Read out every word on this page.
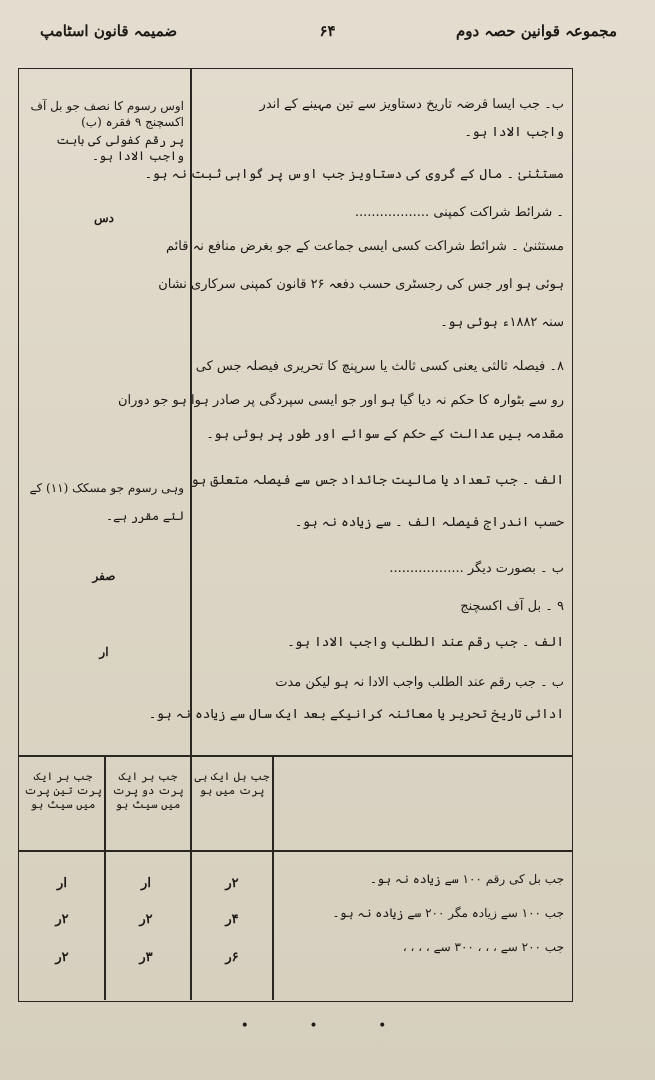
مجموعہ قوانین حصہ دوم
۶۴
ضمیمہ قانون اسٹامپ
ب۔ جب ایسا قرضہ تاریخ دستاویز سے تین مہینے کے اندر
واجب الادا ہو۔
مستثنیٰ ۔ مال کے گروی کی دستاویز جب اوس پر گواہی ثبت نہ ہو۔
۔ شرائط شراکت کمپنی ..................
مستثنیٰ ۔ شرائط شراکت کسی ایسی جماعت کے جو بغرض منافع نہ قائم
ہوئی ہو اور جس کی رجسٹری حسب دفعہ ۲۶ قانون کمپنی سرکاری نشان
سنہ ۱۸۸۲ء ہوئی ہو۔
۸۔ فیصلہ ثالثی یعنی کسی ثالث یا سرپنچ کا تحریری فیصلہ جس کی
رو سے بٹوارہ کا حکم نہ دیا گیا ہو اور جو ایسی سپردگی پر صادر ہوا ہو جو دوران
مقدمہ بیں عدالت کے حکم کے سوائے اور طور پر ہوئی ہو۔
الف ۔ جب تعداد یا مالیت جائداد جس سے فیصلہ متعلق ہو
حسب اندراج فیصلہ الف ۔ سے زیادہ نہ ہو۔
ب ۔ بصورت دیگر ..................
۹ ۔ بل آف اکسچنج
الف ۔ جب رقم عند الطلب واجب الادا ہو۔
ب ۔ جب رقم عند الطلب واجب الادا نہ ہو لیکن مدت
ادائی تاریخ تحریر یا معائنہ کرانیکے بعد ایک سال سے زیادہ نہ ہو۔
اوس رسوم کا نصف جو بل آف اکسچنج ۹ فقرہ (ب)
پر رقم کفولی کی بابت واجب الادا ہو۔
دس
وہی رسوم جو مسکک (۱۱) کے
لئے مقرر ہے۔
صفر
ار
جب بل ایک ہی پرت میں ہو
جب ہر ایک پرت دو پرت میں سیٹ ہو
جب ہر ایک پرت تین پرت میں سیٹ ہو
جب بل کی رقم ۱۰۰ سے زیادہ نہ ہو۔
جب ۱۰۰ سے زیادہ مگر ۲۰۰ سے زیادہ نہ ہو۔
جب ۲۰۰ سے ، ، ، ۳۰۰ سے ، ، ، ،
۲ر
ار
ار
۴ر
۲ر
۲ر
۶ر
۳ر
۲ر
• • •
